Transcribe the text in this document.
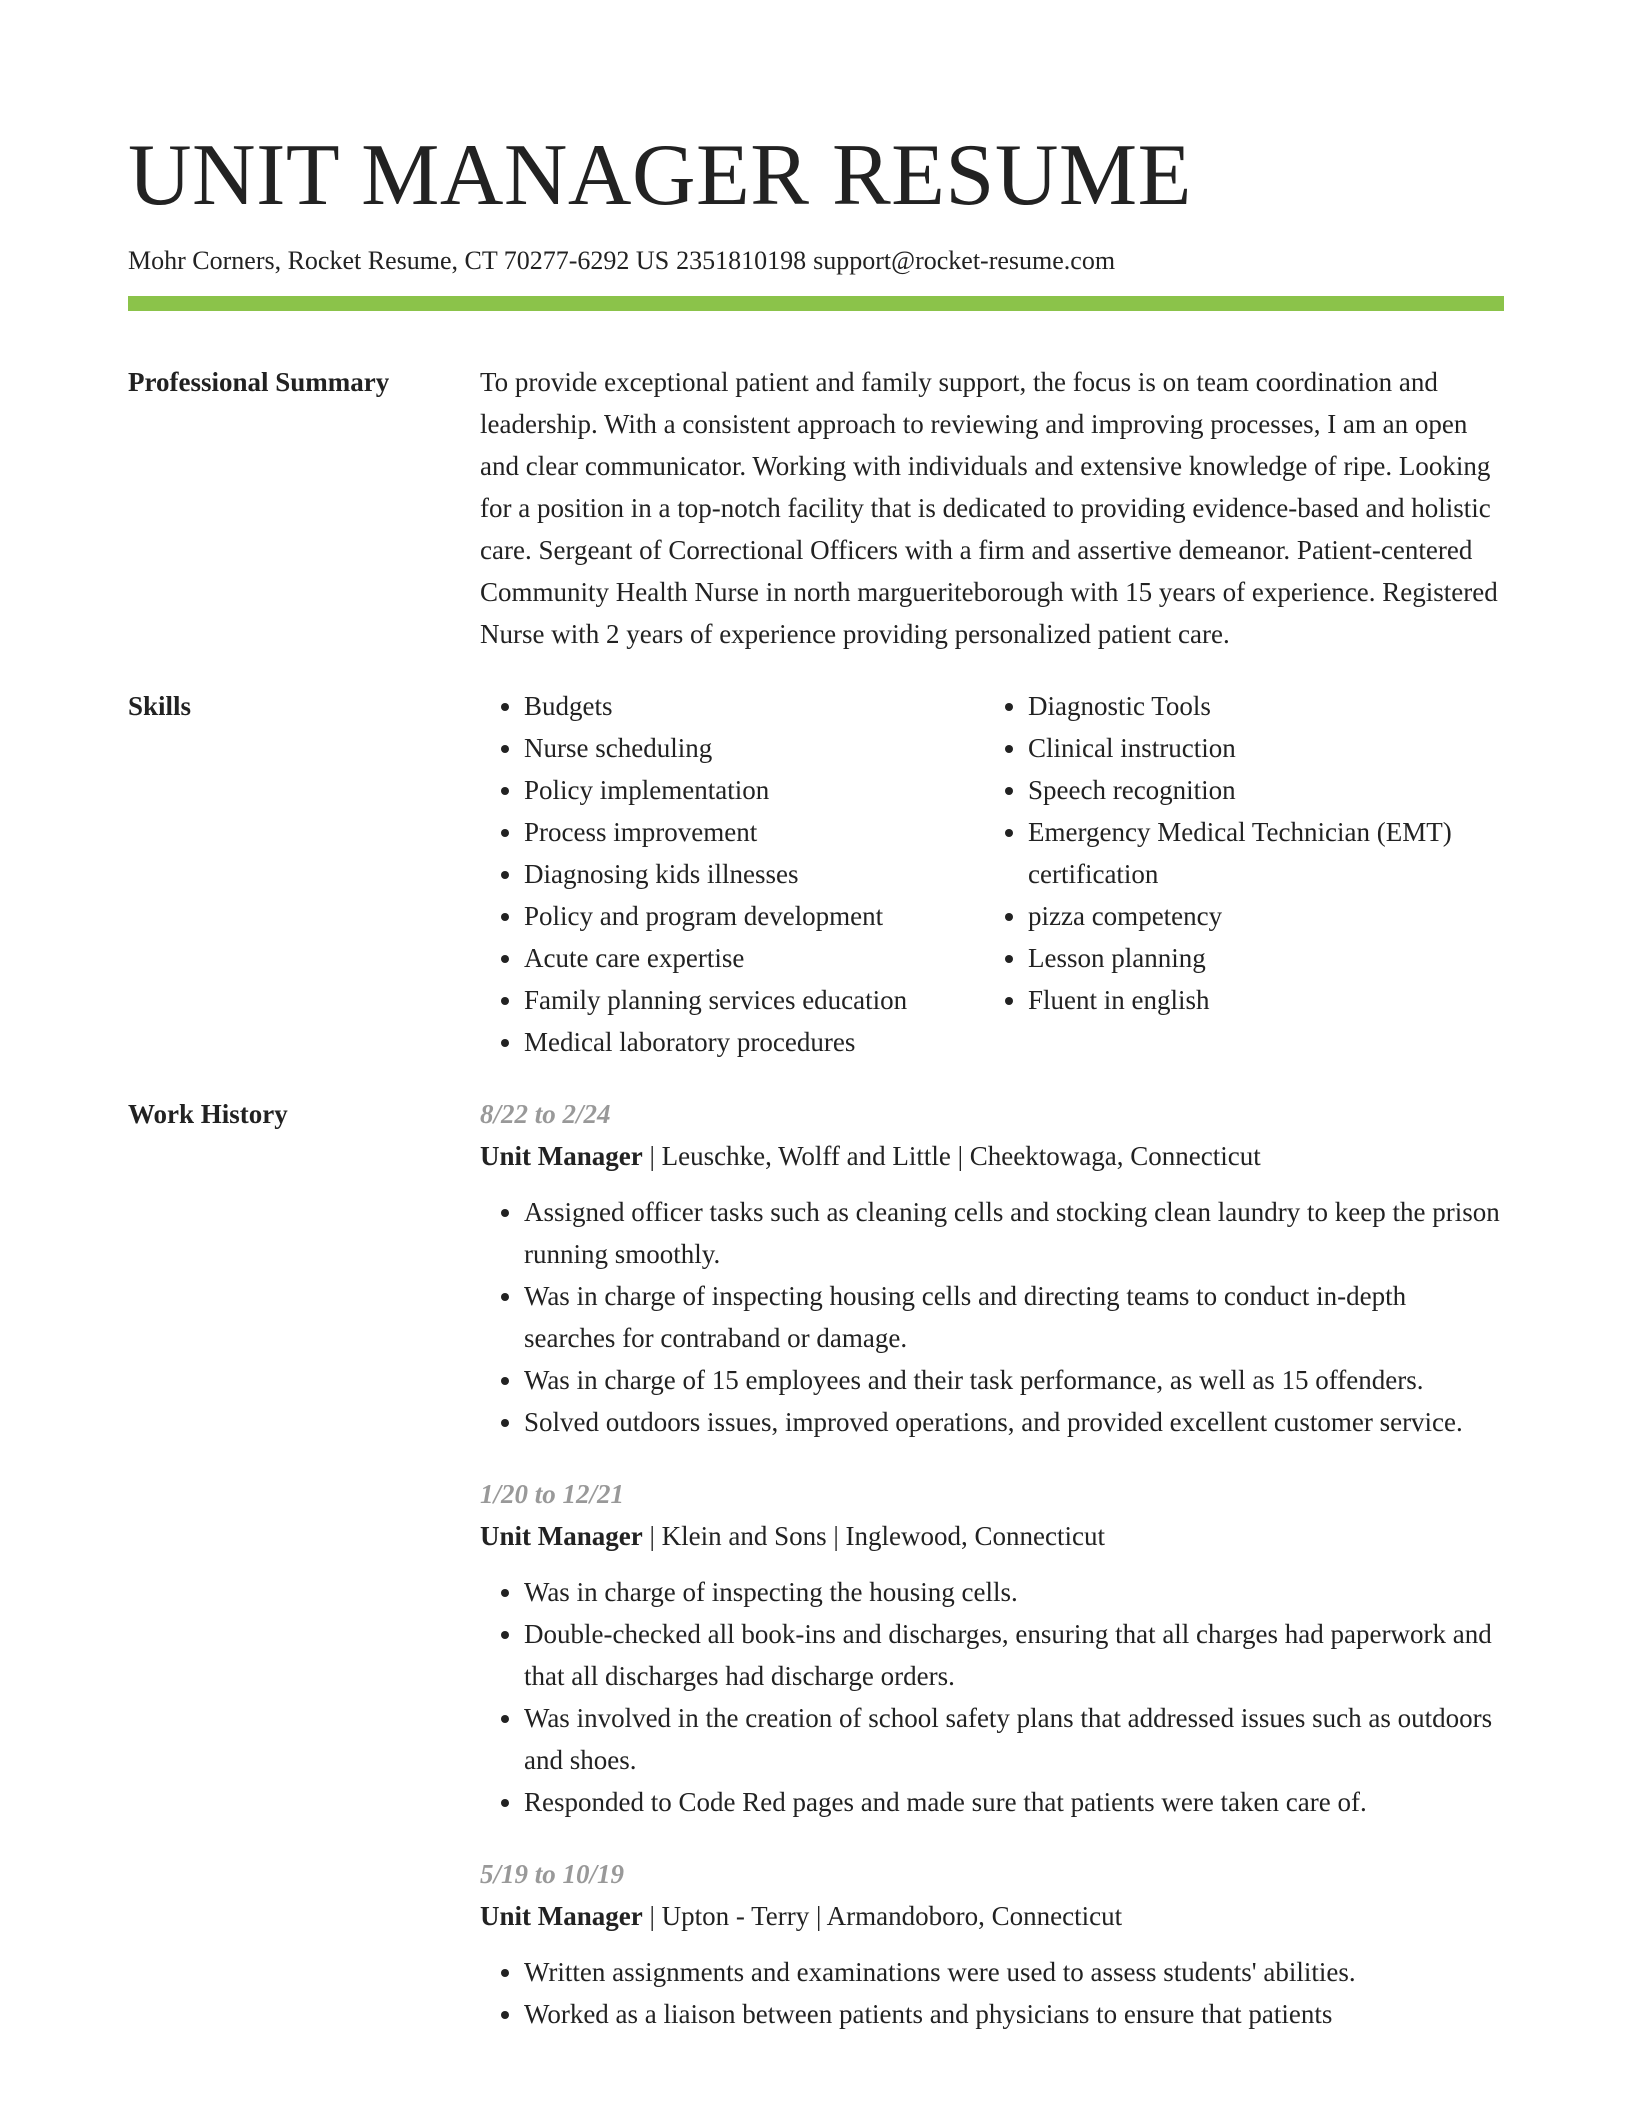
UNIT MANAGER RESUME
Mohr Corners, Rocket Resume, CT 70277-6292 US 2351810198 support@rocket-resume.com
Professional Summary	To provide exceptional patient and family support, the focus is on team coordination and leadership. With a consistent approach to reviewing and improving processes, I am an open and clear communicator. Working with individuals and extensive knowledge of ripe. Looking for a position in a top-notch facility that is dedicated to providing evidence-based and holistic care. Sergeant of Correctional Officers with a firm and assertive demeanor. Patient-centered Community Health Nurse in north margueriteborough with 15 years of experience. Registered Nurse with 2 years of experience providing personalized patient care.
Skills
•	Budgets
• Nurse scheduling
• Policy implementation
• Process improvement
• Diagnosing kids illnesses
• Policy and program development
• Acute care expertise
• Family planning services education
• Medical laboratory procedures
• Diagnostic Tools
• Clinical instruction
• Speech recognition
• Emergency Medical Technician (EMT) certification
• pizza competency
• Lesson planning
• Fluent in english
Work History	8/22 to 2/24
Unit Manager | Leuschke, Wolff and Little | Cheektowaga, Connecticut
• Assigned officer tasks such as cleaning cells and stocking clean laundry to keep the prison running smoothly.
• Was in charge of inspecting housing cells and directing teams to conduct in-depth searches for contraband or damage.
• Was in charge of 15 employees and their task performance, as well as 15 offenders.
• Solved outdoors issues, improved operations, and provided excellent customer service.
1/20 to 12/21
Unit Manager | Klein and Sons | Inglewood, Connecticut
• Was in charge of inspecting the housing cells.
• Double-checked all book-ins and discharges, ensuring that all charges had paperwork and that all discharges had discharge orders.
• Was involved in the creation of school safety plans that addressed issues such as outdoors and shoes.
• Responded to Code Red pages and made sure that patients were taken care of.
5/19 to 10/19
Unit Manager | Upton - Terry | Armandoboro, Connecticut
• Written assignments and examinations were used to assess students' abilities.
• Worked as a liaison between patients and physicians to ensure that patients
